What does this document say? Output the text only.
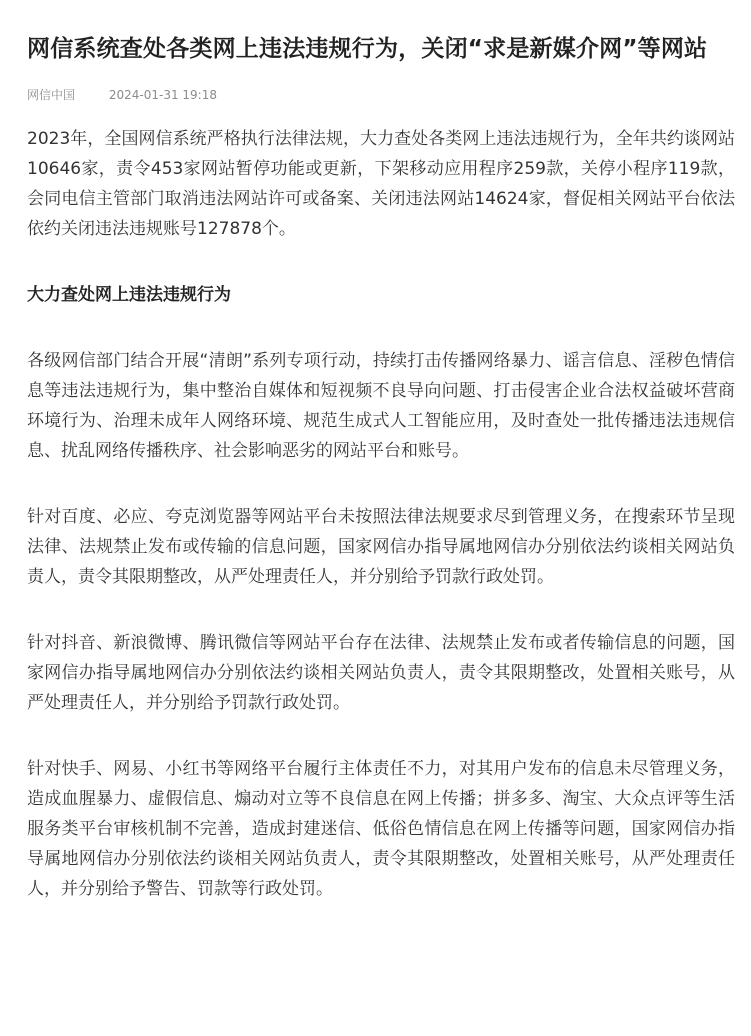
网信系统查处各类网上违法违规行为，关闭“求是新媒介网”等网站
网信中国	2024-01-31 19:18

2023年，全国网信系统严格执行法律法规，大力查处各类网上违法违规行为，全年共约谈网站10646家，责令453家网站暂停功能或更新，下架移动应用程序259款，关停小程序119款，会同电信主管部门取消违法网站许可或备案、关闭违法网站14624家，督促相关网站平台依法依约关闭违法违规账号127878个。

大力查处网上违法违规行为

各级网信部门结合开展“清朗”系列专项行动，持续打击传播网络暴力、谣言信息、淫秽色情信息等违法违规行为，集中整治自媒体和短视频不良导向问题、打击侵害企业合法权益破坏营商环境行为、治理未成年人网络环境、规范生成式人工智能应用，及时查处一批传播违法违规信息、扰乱网络传播秩序、社会影响恶劣的网站平台和账号。

针对百度、必应、夸克浏览器等网站平台未按照法律法规要求尽到管理义务，在搜索环节呈现法律、法规禁止发布或传输的信息问题，国家网信办指导属地网信办分别依法约谈相关网站负责人，责令其限期整改，从严处理责任人，并分别给予罚款行政处罚。

针对抖音、新浪微博、腾讯微信等网站平台存在法律、法规禁止发布或者传输信息的问题，国家网信办指导属地网信办分别依法约谈相关网站负责人，责令其限期整改，处置相关账号，从严处理责任人，并分别给予罚款行政处罚。

针对快手、网易、小红书等网络平台履行主体责任不力，对其用户发布的信息未尽管理义务，造成血腥暴力、虚假信息、煽动对立等不良信息在网上传播；拼多多、淘宝、大众点评等生活服务类平台审核机制不完善，造成封建迷信、低俗色情信息在网上传播等问题，国家网信办指导属地网信办分别依法约谈相关网站负责人，责令其限期整改，处置相关账号，从严处理责任人，并分别给予警告、罚款等行政处罚。
